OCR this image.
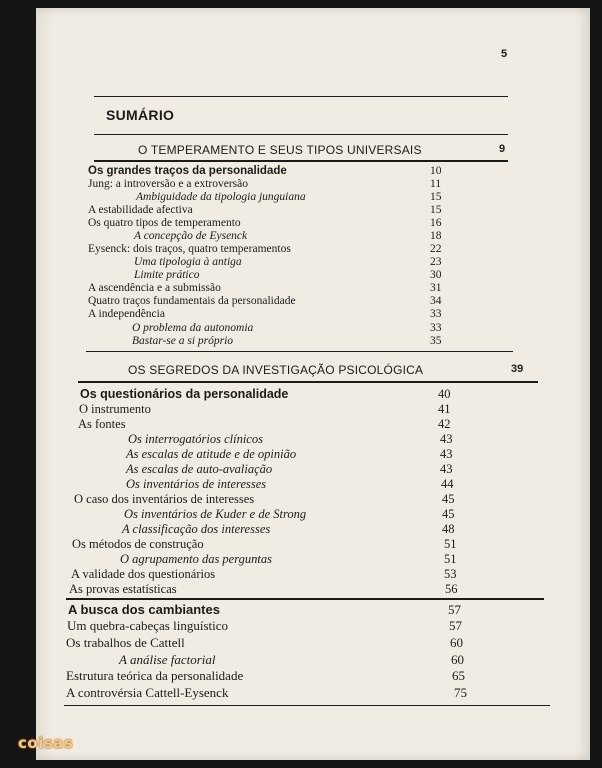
5
SUMÁRIO
O TEMPERAMENTO E SEUS TIPOS UNIVERSAIS	9
Os grandes traços da personalidade	10
Jung: a introversão e a extroversão	11
Ambiguidade da tipologia junguiana	15
A estabilidade afectiva	15
Os quatro tipos de temperamento	16
A concepção de Eysenck	18
Eysenck: dois traços, quatro temperamentos	22
Uma tipologia à antiga	23
Limite prático	30
A ascendência e a submissão	31
Quatro traços fundamentais da personalidade	34
A independência	33
O problema da autonomia	33
Bastar-se a si próprio	35
OS SEGREDOS DA INVESTIGAÇÃO PSICOLÓGICA	39
Os questionários da personalidade	40
O instrumento	41
As fontes	42
Os interrogatórios clínicos	43
As escalas de atitude e de opinião	43
As escalas de auto-avaliação	43
Os inventários de interesses	44
O caso dos inventários de interesses	45
Os inventários de Kuder e de Strong	45
A classificação dos interesses	48
Os métodos de construção	51
O agrupamento das perguntas	51
A validade dos questionários	53
As provas estatísticas	56
A busca dos cambiantes	57
Um quebra-cabeças linguístico	57
Os trabalhos de Cattell	60
A análise factorial	60
Estrutura teórica da personalidade	65
A controvérsia Cattell-Eysenck	75
coisas
